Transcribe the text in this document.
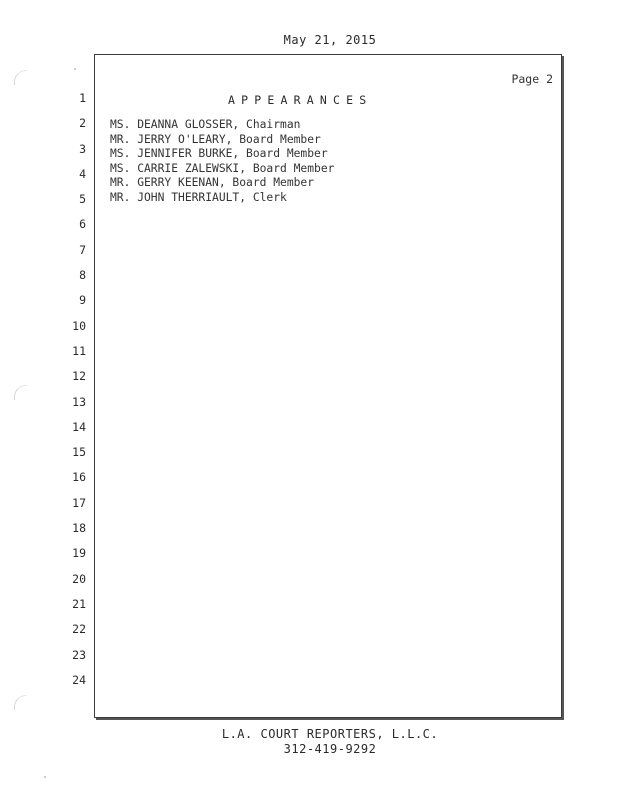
May 21, 2015
Page 2
1
2
3
4
5
6
7
8
9
10
11
12
13
14
15
16
17
18
19
20
21
22
23
24
APPEARANCES
MS. DEANNA GLOSSER, Chairman
MR. JERRY O'LEARY, Board Member
MS. JENNIFER BURKE, Board Member
MS. CARRIE ZALEWSKI, Board Member
MR. GERRY KEENAN, Board Member
MR. JOHN THERRIAULT, Clerk
L.A. COURT REPORTERS, L.L.C.
312-419-9292
